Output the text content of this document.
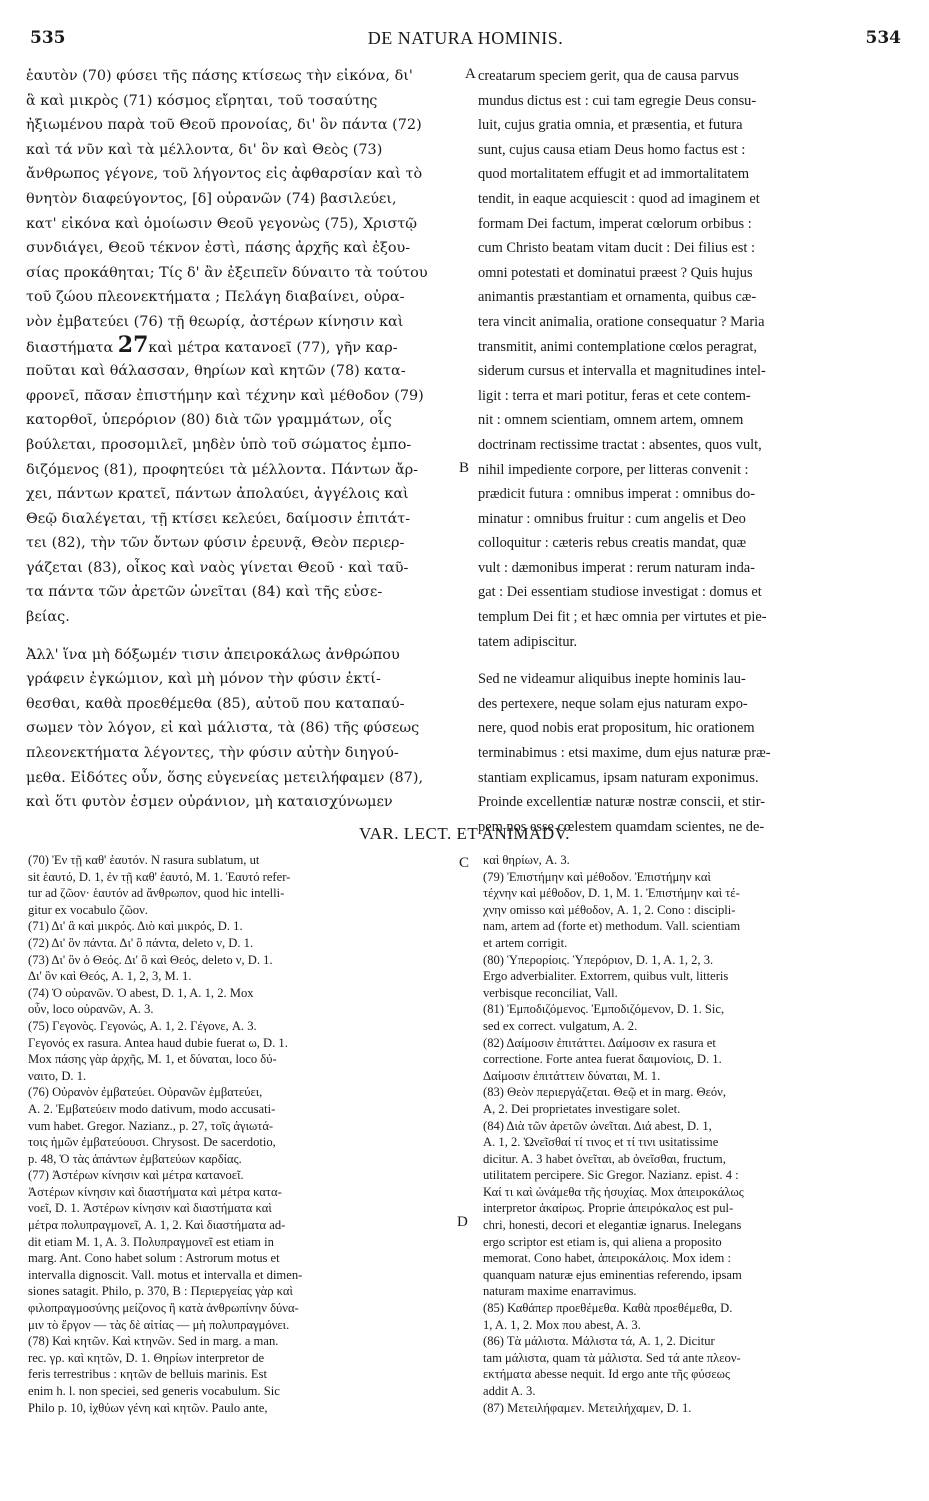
535	DE NATURA HOMINIS.	534
ἑαυτὸν (70) φύσει τῆς πάσης κτίσεως τὴν εἰκόνα, δι'
ἃ καὶ μικρὸς (71) κόσμος εἴρηται, τοῦ τοσαύτης
ἠξιωμένου παρὰ τοῦ Θεοῦ προνοίας, δι' ὃν πάντα (72)
καὶ τά νῦν καὶ τὰ μέλλοντα, δι' ὃν καὶ Θεὸς (73)
ἄνθρωπος γέγονε, τοῦ λήγοντος εἰς ἀφθαρσίαν καὶ τὸ
θνητὸν διαφεύγοντος, [δ] οὐρανῶν (74) βασιλεύει,
κατ' εἰκόνα καὶ ὁμοίωσιν Θεοῦ γεγονὼς (75), Χριστῷ
συνδιάγει, Θεοῦ τέκνον ἐστὶ, πάσης ἀρχῆς καὶ ἐξου-
σίας προκάθηται; Τίς δ' ἂν ἐξειπεῖν δύναιτο τὰ τούτου
τοῦ ζώου πλεονεκτήματα ; Πελάγη διαβαίνει, οὐρα-
νὸν ἐμβατεύει (76) τῇ θεωρίᾳ, ἀστέρων κίνησιν καὶ
διαστήματα 27καὶ μέτρα κατανοεῖ (77), γῆν καρ-
ποῦται καὶ θάλασσαν, θηρίων καὶ κητῶν (78) κατα-
φρονεῖ, πᾶσαν ἐπιστήμην καὶ τέχνην καὶ μέθοδον (79)
κατορθοῖ, ὑπερόριον (80) διὰ τῶν γραμμάτων, οἷς
βούλεται, προσομιλεῖ, μηδὲν ὑπὸ τοῦ σώματος ἐμπο-
διζόμενος (81), προφητεύει τὰ μέλλοντα. Πάντων ἄρ-
χει, πάντων κρατεῖ, πάντων ἀπολαύει, ἀγγέλοις καὶ
Θεῷ διαλέγεται, τῇ κτίσει κελεύει, δαίμοσιν ἐπιτάτ-
τει (82), τὴν τῶν ὄντων φύσιν ἐρευνᾷ, Θεὸν περιερ-
γάζεται (83), οἶκος καὶ ναὸς γίνεται Θεοῦ · καὶ ταῦ-
τα πάντα τῶν ἀρετῶν ὠνεῖται (84) καὶ τῆς εὐσε-
βείας.
Ἀλλ' ἵνα μὴ δόξωμέν τισιν ἀπειροκάλως ἀνθρώπου
γράφειν ἐγκώμιον, καὶ μὴ μόνον τὴν φύσιν ἐκτί-
θεσθαι, καθὰ προεθέμεθα (85), αὐτοῦ που καταπαύ-
σωμεν τὸν λόγον, εἰ καὶ μάλιστα, τὰ (86) τῆς φύσεως
πλεονεκτήματα λέγοντες, τὴν φύσιν αὐτὴν διηγού-
μεθα. Εἰδότες οὖν, ὅσης εὐγενείας μετειλήφαμεν (87),
καὶ ὅτι φυτὸν ἐσμεν οὐράνιον, μὴ καταισχύνωμεν
creatarum speciem gerit, qua de causa parvus
mundus dictus est : cui tam egregie Deus consu-
luit, cujus gratia omnia, et præsentia, et futura
sunt, cujus causa etiam Deus homo factus est :
quod mortalitatem effugit et ad immortalitatem
tendit, in eaque acquiescit : quod ad imaginem et
formam Dei factum, imperat cœlorum orbibus :
cum Christo beatam vitam ducit : Dei filius est :
omni potestati et dominatui præest ? Quis hujus
animantis præstantiam et ornamenta, quibus cæ-
tera vincit animalia, oratione consequatur ? Maria
transmitit, animi contemplatione cœlos peragrat,
siderum cursus et intervalla et magnitudines intel-
ligit : terra et mari potitur, feras et cete contem-
nit : omnem scientiam, omnem artem, omnem
doctrinam rectissime tractat : absentes, quos vult,
nihil impediente corpore, per litteras convenit :
prædicit futura : omnibus imperat : omnibus do-
minatur : omnibus fruitur : cum angelis et Deo
colloquitur : cæteris rebus creatis mandat, quæ
vult : dæmonibus imperat : rerum naturam inda-
gat : Dei essentiam studiose investigat : domus et
templum Dei fit ; et hæc omnia per virtutes et pie-
tatem adipiscitur.
Sed ne videamur aliquibus inepte hominis lau-
des pertexere, neque solam ejus naturam expo-
nere, quod nobis erat propositum, hic orationem
terminabimus : etsi maxime, dum ejus naturæ præ-
stantiam explicamus, ipsam naturam exponimus.
Proinde excellentiæ naturæ nostræ conscii, et stir-
pem nos esse cœlestem quamdam scientes, ne de-
A
B
C
D
VAR. LECT. ET ANIMADV.
(70) Ἐν τῇ καθ' ἑαυτόν. N rasura sublatum, ut
sit ἑαυτό, D. 1, ἐν τῇ καθ' ἑαυτό, M. 1. Ἑαυτό refer-
tur ad ζῶον· ἑαυτόν ad ἄνθρωπον, quod hic intelli-
gitur ex vocabulo ζῶον.
(71) Δι' ἃ καὶ μικρός. Διὸ καὶ μικρός, D. 1.
(72) Δι' ὃν πάντα. Δι' ὃ πάντα, deleto ν, D. 1.
(73) Δι' ὃν ὁ Θεός. Δι' ὃ καὶ Θεός, deleto ν, D. 1.
Δι' ὃν καὶ Θεός, A. 1, 2, 3, M. 1.
(74) Ὁ οὐρανῶν. Ὁ abest, D. 1, A. 1, 2. Mox
οὖν, loco οὐρανῶν, A. 3.
(75) Γεγονὸς. Γεγονώς, A. 1, 2. Γέγονε, A. 3.
Γεγονός ex rasura. Antea haud dubie fuerat ω, D. 1.
Mox πάσης γὰρ ἀρχῆς, M. 1, et δύναται, loco δύ-
ναιτο, D. 1.
(76) Οὐρανὸν ἐμβατεύει. Οὐρανῶν ἐμβατεύει,
A. 2. Ἐμβατεύειν modo dativum, modo accusati-
vum habet. Gregor. Nazianz., p. 27, τοῖς ἀγιωτά-
τοις ἡμῶν ἐμβατεύουσι. Chrysost. De sacerdotio,
p. 48, Ὁ τὰς ἁπάντων ἐμβατεύων καρδίας.
(77) Ἀστέρων κίνησιν καὶ μέτρα κατανοεῖ.
Ἀστέρων κίνησιν καὶ διαστήματα καὶ μέτρα κατα-
νοεῖ, D. 1. Ἀστέρων κίνησιν καὶ διαστήματα καὶ
μέτρα πολυπραγμονεῖ, A. 1, 2. Καὶ διαστήματα ad-
dit etiam M. 1, A. 3. Πολυπραγμονεῖ est etiam in
marg. Ant. Cono habet solum : Astrorum motus et
intervalla dignoscit. Vall. motus et intervalla et dimen-
siones satagit. Philo, p. 370, B : Περιεργείας γὰρ καὶ
φιλοπραγμοσύνης μείζονος ἢ κατὰ ἀνθρωπίνην δύνα-
μιν τὸ ἔργον — τὰς δὲ αἰτίας — μὴ πολυπραγμόνει.
(78) Καὶ κητῶν. Καὶ κτηνῶν. Sed in marg. a man.
rec. γρ. καὶ κητῶν, D. 1. Θηρίων interpretor de
feris terrestribus : κητῶν de belluis marinis. Est
enim h. l. non speciei, sed generis vocabulum. Sic
Philo p. 10, ἰχθύων γένη καὶ κητῶν. Paulo ante,
καὶ θηρίων, A. 3.
(79) Ἐπιστήμην καὶ μέθοδον. Ἐπιστήμην καὶ
τέχνην καὶ μέθοδον, D. 1, M. 1. Ἐπιστήμην καὶ τέ-
χνην omisso καὶ μέθοδον, A. 1, 2. Cono : discipli-
nam, artem ad (forte et) methodum. Vall. scientiam
et artem corrigit.
(80) Ὑπερορίοις. Ὑπερόριον, D. 1, A. 1, 2, 3.
Ergo adverbialiter. Extorrem, quibus vult, litteris
verbisque reconciliat, Vall.
(81) Ἐμποδιζόμενος. Ἐμποδιζόμενον, D. 1. Sic,
sed ex correct. vulgatum, A. 2.
(82) Δαίμοσιν ἐπιτάττει. Δαίμοσιν ex rasura et
correctione. Forte antea fuerat δαιμονίοις, D. 1.
Δαίμοσιν ἐπιτάττειν δύναται, M. 1.
(83) Θεὸν περιεργάζεται. Θεῷ et in marg. Θεόν,
A, 2. Dei proprietates investigare solet.
(84) Διὰ τῶν ἀρετῶν ὠνεῖται. Διά abest, D. 1,
A. 1, 2. Ὠνεῖσθαί τί τινος et τί τινι usitatissime
dicitur. A. 3 habet ὀνεῖται, ab ὀνεῖσθαι, fructum,
utilitatem percipere. Sic Gregor. Nazianz. epist. 4 :
Καί τι καὶ ὠνάμεθα τῆς ἡσυχίας. Mox ἀπειροκάλως
interpretor ἀκαίρως. Proprie ἀπειρόκαλος est pul-
chri, honesti, decori et elegantiæ ignarus. Inelegans
ergo scriptor est etiam is, qui aliena a proposito
memorat. Cono habet, ἀπειροκάλοις. Mox idem :
quanquam naturæ ejus eminentias referendo, ipsam
naturam maxime enarravimus.
(85) Καθάπερ προεθέμεθα. Καθὰ προεθέμεθα, D.
1, A. 1, 2. Mox που abest, A. 3.
(86) Τὰ μάλιστα. Μάλιστα τά, A. 1, 2. Dicitur
tam μάλιστα, quam τὰ μάλιστα. Sed τά ante πλεον-
εκτήματα abesse nequit. Id ergo ante τῆς φύσεως
addit A. 3.
(87) Μετειλήφαμεν. Μετειλήχαμεν, D. 1.
